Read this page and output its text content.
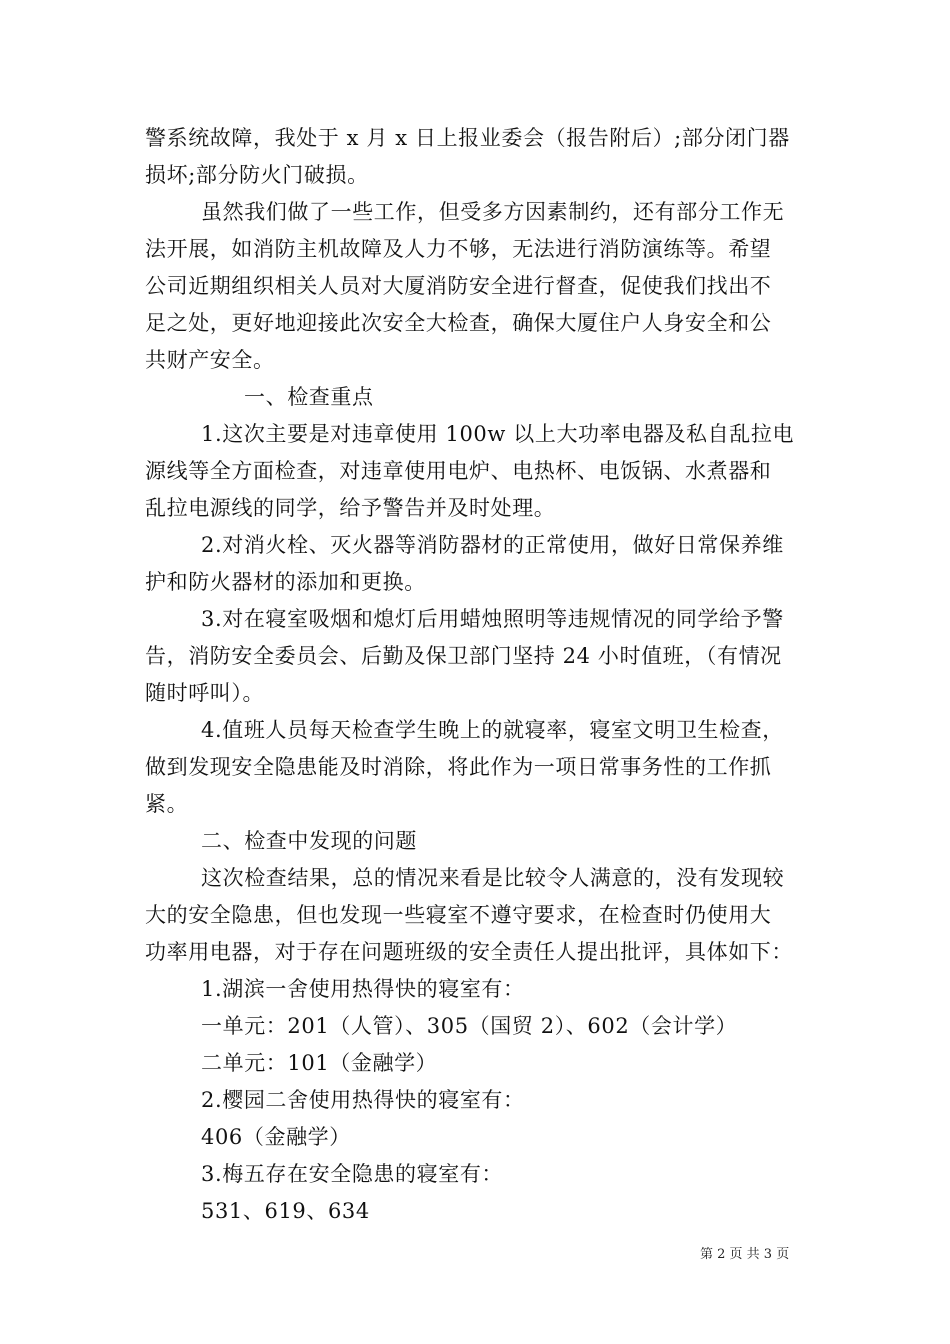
警系统故障，我处于 x 月 x 日上报业委会（报告附后）;部分闭门器
损坏;部分防火门破损。
虽然我们做了一些工作，但受多方因素制约，还有部分工作无
法开展，如消防主机故障及人力不够，无法进行消防演练等。希望
公司近期组织相关人员对大厦消防安全进行督查，促使我们找出不
足之处，更好地迎接此次安全大检查，确保大厦住户人身安全和公
共财产安全。
一、检查重点
1.这次主要是对违章使用 100w 以上大功率电器及私自乱拉电
源线等全方面检查，对违章使用电炉、电热杯、电饭锅、水煮器和
乱拉电源线的同学，给予警告并及时处理。
2.对消火栓、灭火器等消防器材的正常使用，做好日常保养维
护和防火器材的添加和更换。
3.对在寝室吸烟和熄灯后用蜡烛照明等违规情况的同学给予警
告，消防安全委员会、后勤及保卫部门坚持 24 小时值班，（有情况
随时呼叫）。
4.值班人员每天检查学生晚上的就寝率，寝室文明卫生检查，
做到发现安全隐患能及时消除，将此作为一项日常事务性的工作抓
紧。
二、检查中发现的问题
这次检查结果，总的情况来看是比较令人满意的，没有发现较
大的安全隐患，但也发现一些寝室不遵守要求，在检查时仍使用大
功率用电器，对于存在问题班级的安全责任人提出批评，具体如下：
1.湖滨一舍使用热得快的寝室有：
一单元：201（人管）、305（国贸 2）、602（会计学）
二单元：101（金融学）
2.樱园二舍使用热得快的寝室有：
406（金融学）
3.梅五存在安全隐患的寝室有：
531、619、634
第 2 页 共 3 页
